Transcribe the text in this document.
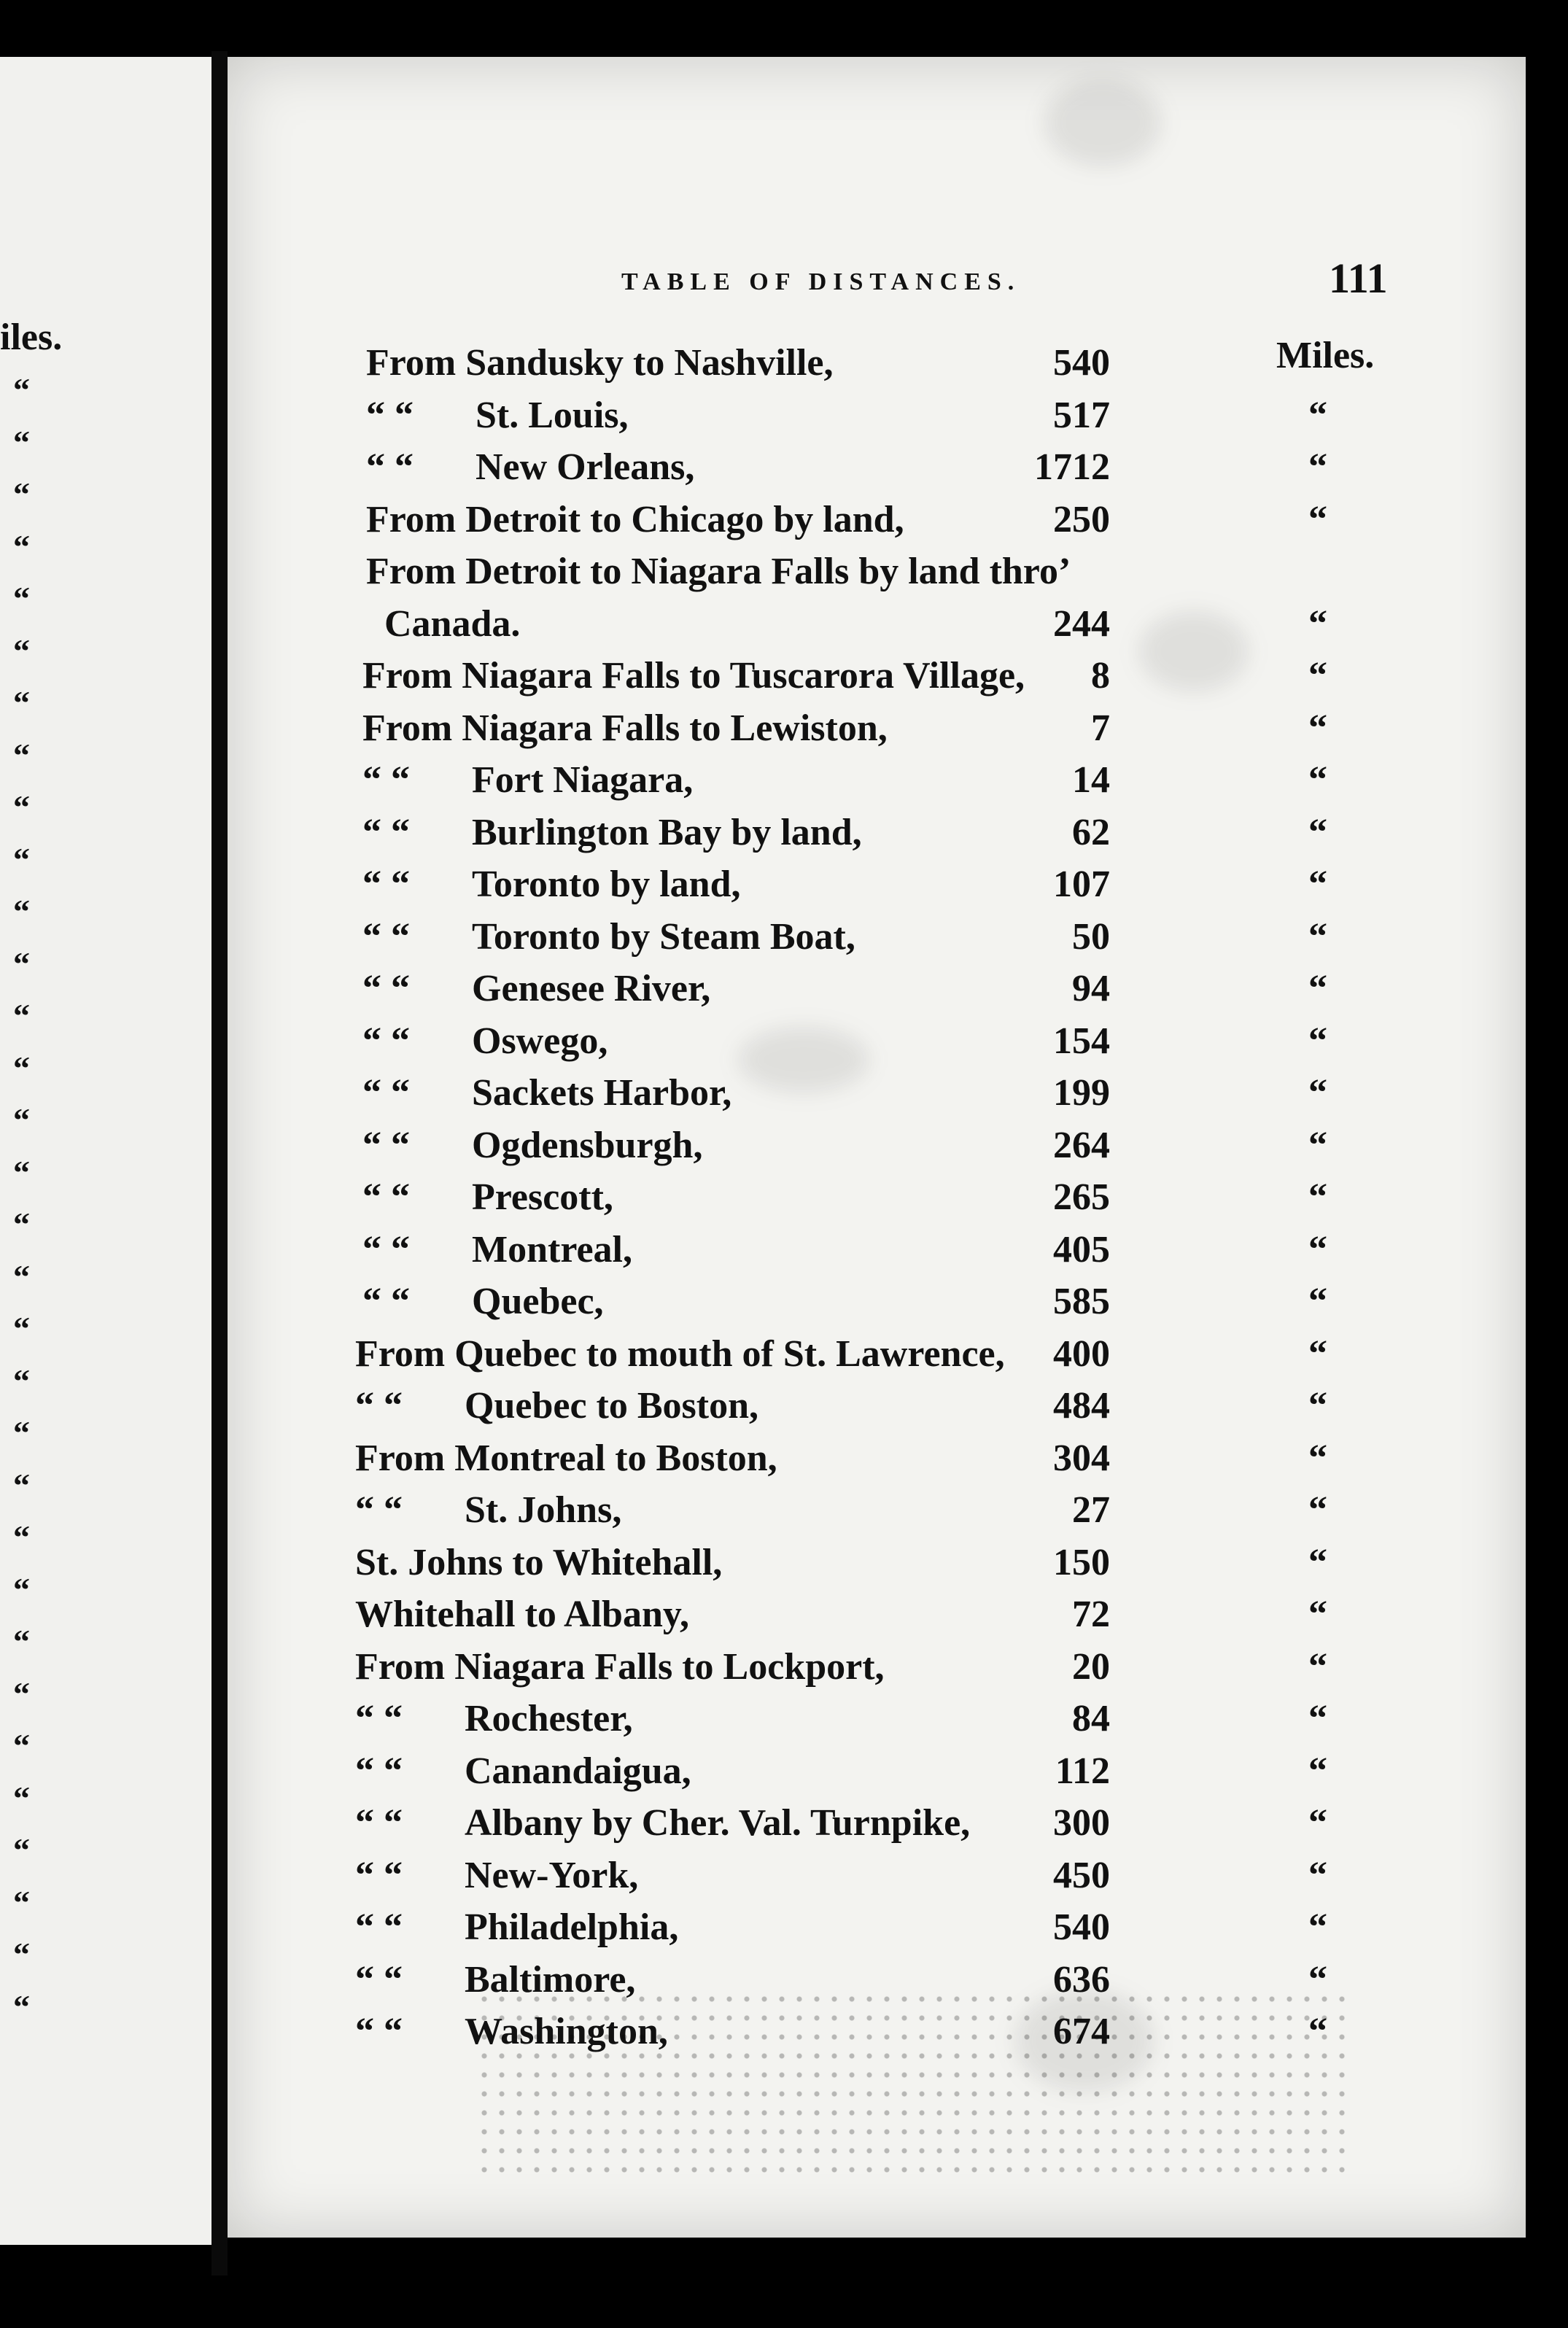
iles.
“
“
“
“
“
“
“
“
“
“
“
“
“
“
“
“
“
“
“
“
“
“
“
“
“
“
“
“
“
“
“
“
TABLE OF DISTANCES.	111
Miles.
From Sandusky to Nashville,	540
“ “ St. Louis,	517	“
“ “ New Orleans,	1712	“
From Detroit to Chicago by land,	250	“
From Detroit to Niagara Falls by land thro’
Canada.	244	“
From Niagara Falls to Tuscarora Village,	8	“
From Niagara Falls to Lewiston,	7	“
“ “ Fort Niagara,	14	“
“ “ Burlington Bay by land,	62	“
“ “ Toronto by land,	107	“
“ “ Toronto by Steam Boat,	50	“
“ “ Genesee River,	94	“
“ “ Oswego,	154	“
“ “ Sackets Harbor,	199	“
“ “ Ogdensburgh,	264	“
“ “ Prescott,	265	“
“ “ Montreal,	405	“
“ “ Quebec,	585	“
From Quebec to mouth of St. Lawrence,	400	“
“ “ Quebec to Boston,	484	“
From Montreal to Boston,	304	“
“ “ St. Johns,	27	“
St. Johns to Whitehall,	150	“
Whitehall to Albany,	72	“
From Niagara Falls to Lockport,	20	“
“ “ Rochester,	84	“
“ “ Canandaigua,	112	“
“ “ Albany by Cher. Val. Turnpike,	300	“
“ “ New-York,	450	“
“ “ Philadelphia,	540	“
“ “ Baltimore,	636	“
“ “ Washington,	674	“
